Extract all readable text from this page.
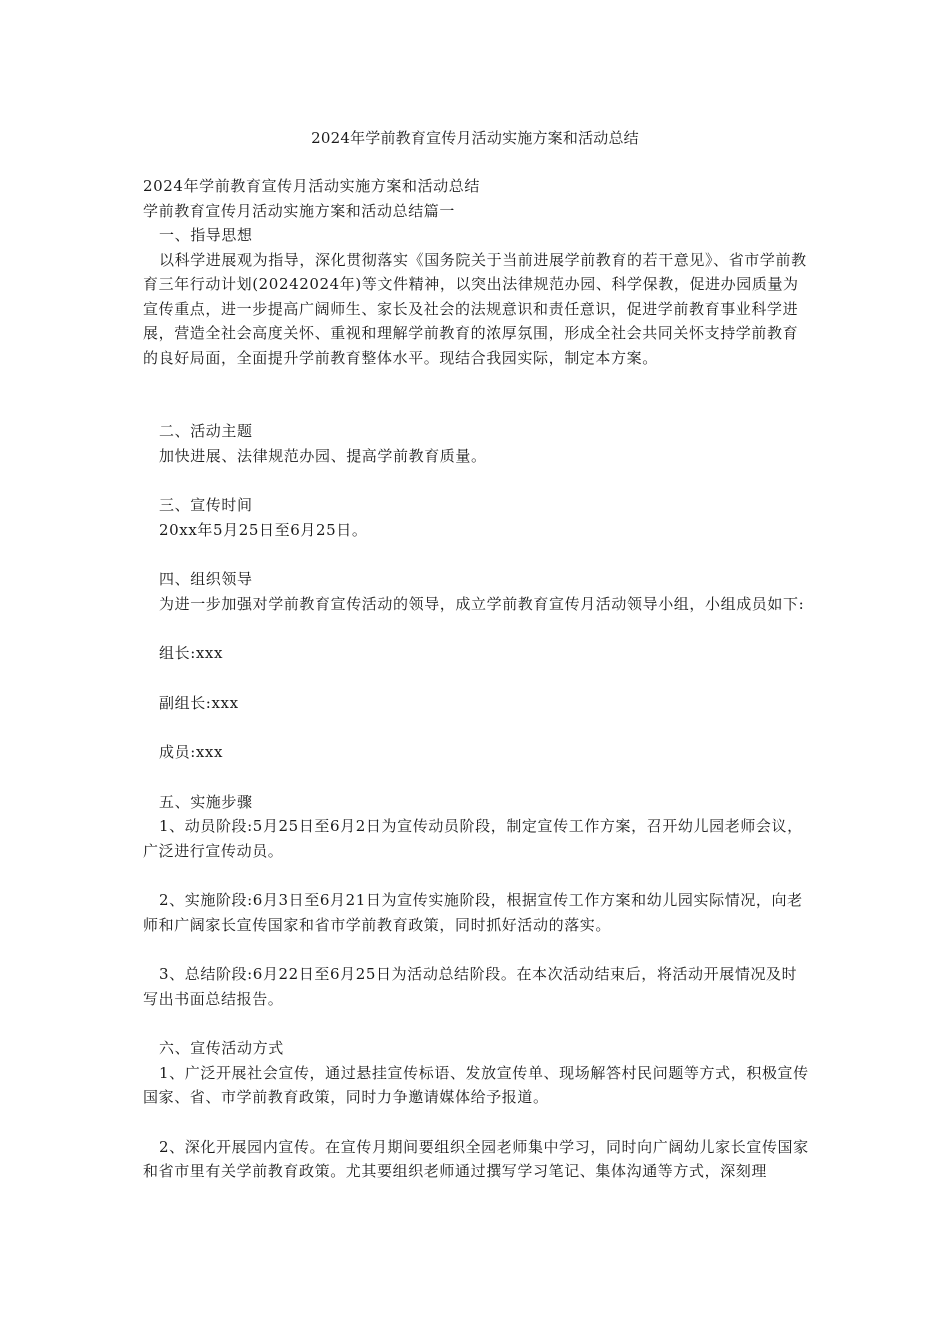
2024年学前教育宣传月活动实施方案和活动总结

2024年学前教育宣传月活动实施方案和活动总结

学前教育宣传月活动实施方案和活动总结篇一

一、指导思想

以科学进展观为指导，深化贯彻落实《国务院关于当前进展学前教育的若干意见》、省市学前教育三年行动计划(20242024年)等文件精神，以突出法律规范办园、科学保教，促进办园质量为宣传重点，进一步提高广阔师生、家长及社会的法规意识和责任意识，促进学前教育事业科学进展，营造全社会高度关怀、重视和理解学前教育的浓厚氛围，形成全社会共同关怀支持学前教育的良好局面，全面提升学前教育整体水平。现结合我园实际，制定本方案。

二、活动主题

加快进展、法律规范办园、提高学前教育质量。

三、宣传时间

20xx年5月25日至6月25日。

四、组织领导

为进一步加强对学前教育宣传活动的领导，成立学前教育宣传月活动领导小组，小组成员如下:

组长:xxx

副组长:xxx

成员:xxx

五、实施步骤

1、动员阶段:5月25日至6月2日为宣传动员阶段，制定宣传工作方案，召开幼儿园老师会议，广泛进行宣传动员。

2、实施阶段:6月3日至6月21日为宣传实施阶段，根据宣传工作方案和幼儿园实际情况，向老师和广阔家长宣传国家和省市学前教育政策，同时抓好活动的落实。

3、总结阶段:6月22日至6月25日为活动总结阶段。在本次活动结束后，将活动开展情况及时写出书面总结报告。

六、宣传活动方式

1、广泛开展社会宣传，通过悬挂宣传标语、发放宣传单、现场解答村民问题等方式，积极宣传国家、省、市学前教育政策，同时力争邀请媒体给予报道。

2、深化开展园内宣传。在宣传月期间要组织全园老师集中学习，同时向广阔幼儿家长宣传国家和省市里有关学前教育政策。尤其要组织老师通过撰写学习笔记、集体沟通等方式，深刻理
